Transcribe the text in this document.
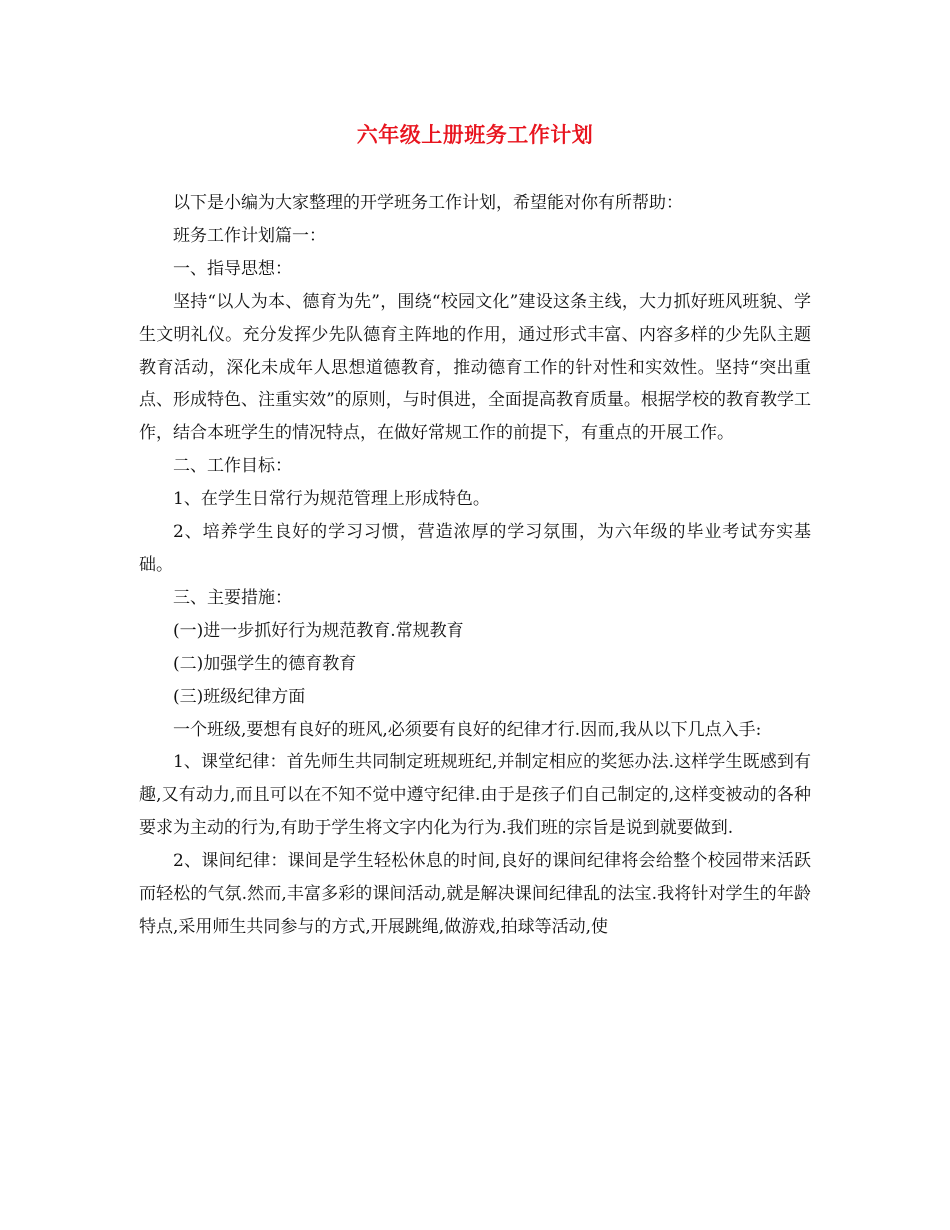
六年级上册班务工作计划

以下是小编为大家整理的开学班务工作计划，希望能对你有所帮助：

班务工作计划篇一：

一、指导思想：

坚持“以人为本、德育为先”，围绕“校园文化”建设这条主线，大力抓好班风班貌、学生文明礼仪。充分发挥少先队德育主阵地的作用，通过形式丰富、内容多样的少先队主题教育活动，深化未成年人思想道德教育，推动德育工作的针对性和实效性。坚持“突出重点、形成特色、注重实效”的原则，与时俱进，全面提高教育质量。根据学校的教育教学工作，结合本班学生的情况特点，在做好常规工作的前提下，有重点的开展工作。

二、工作目标：

1、在学生日常行为规范管理上形成特色。

2、培养学生良好的学习习惯，营造浓厚的学习氛围，为六年级的毕业考试夯实基础。

三、主要措施：

(一)进一步抓好行为规范教育.常规教育

(二)加强学生的德育教育

(三)班级纪律方面

一个班级,要想有良好的班风,必须要有良好的纪律才行.因而,我从以下几点入手:

1、课堂纪律：首先师生共同制定班规班纪,并制定相应的奖惩办法.这样学生既感到有趣,又有动力,而且可以在不知不觉中遵守纪律.由于是孩子们自己制定的,这样变被动的各种要求为主动的行为,有助于学生将文字内化为行为.我们班的宗旨是说到就要做到.

2、课间纪律：课间是学生轻松休息的时间,良好的课间纪律将会给整个校园带来活跃而轻松的气氛.然而,丰富多彩的课间活动,就是解决课间纪律乱的法宝.我将针对学生的年龄特点,采用师生共同参与的方式,开展跳绳,做游戏,拍球等活动,使
